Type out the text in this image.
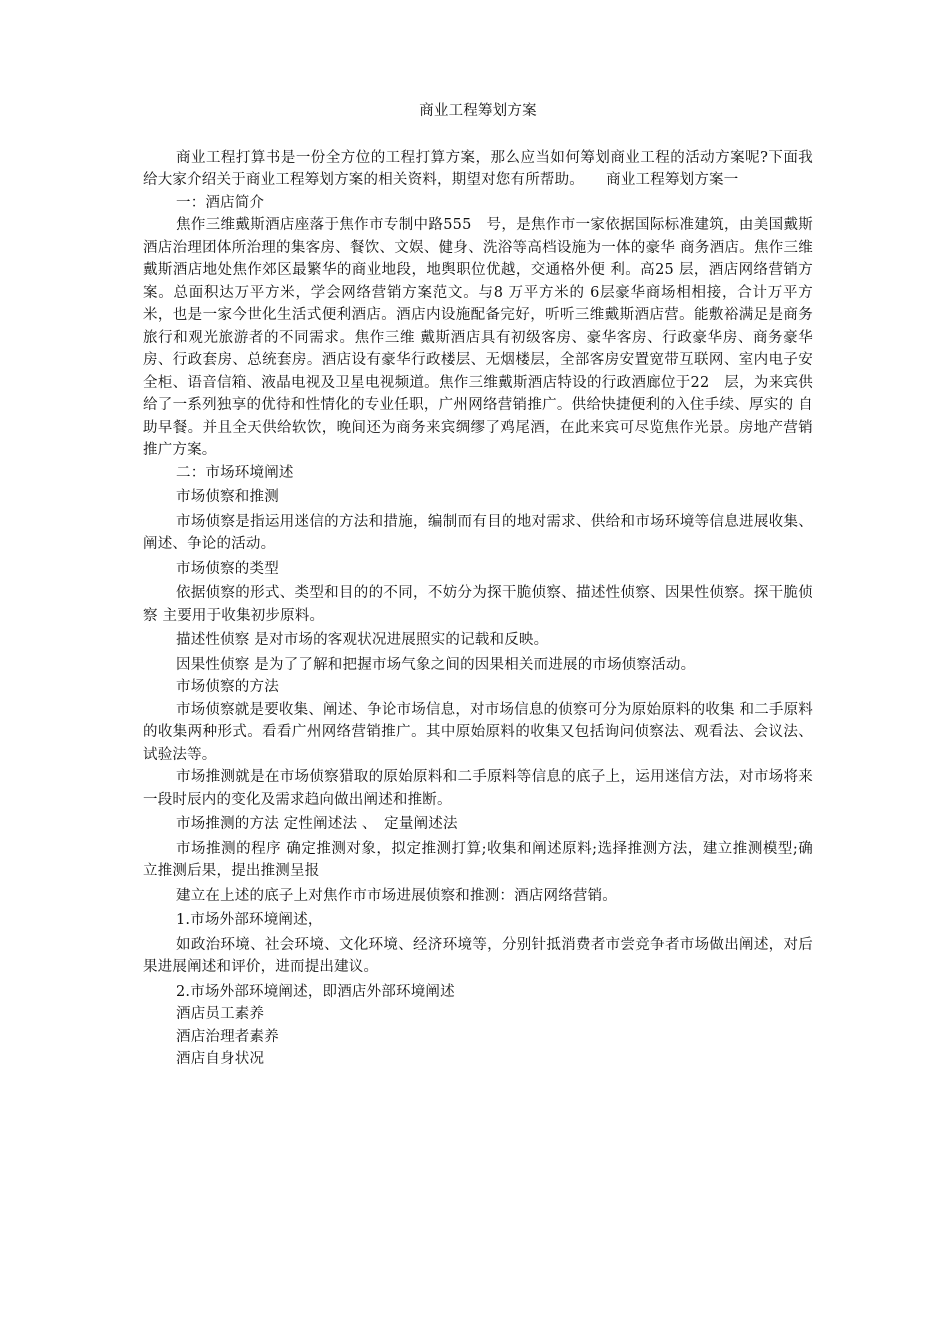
商业工程筹划方案

商业工程打算书是一份全方位的工程打算方案，那么应当如何筹划商业工程的活动方案呢?下面我给大家介绍关于商业工程筹划方案的相关资料，期望对您有所帮助。　　商业工程筹划方案一

一：酒店简介

焦作三维戴斯酒店座落于焦作市专制中路555　号，是焦作市一家依据国际标准建筑，由美国戴斯酒店治理团体所治理的集客房、餐饮、文娱、健身、洗浴等高档设施为一体的豪华 商务酒店。焦作三维戴斯酒店地处焦作郊区最繁华的商业地段，地舆职位优越，交通格外便 利。高25 层，酒店网络营销方案。总面积达万平方米，学会网络营销方案范文。与8 万平方米的 6层豪华商场相相接，合计万平方米，也是一家今世化生活式便利酒店。酒店内设施配备完好，听听三维戴斯酒店营。能敷裕满足是商务旅行和观光旅游者的不同需求。焦作三维 戴斯酒店具有初级客房、豪华客房、行政豪华房、商务豪华房、行政套房、总统套房。酒店设有豪华行政楼层、无烟楼层，全部客房安置宽带互联网、室内电子安全柜、语音信箱、液晶电视及卫星电视频道。焦作三维戴斯酒店特设的行政酒廊位于22　层，为来宾供给了一系列独享的优待和性情化的专业任职，广州网络营销推广。供给快捷便利的入住手续、厚实的 自助早餐。并且全天供给软饮，晚间还为商务来宾绸缪了鸡尾酒，在此来宾可尽览焦作光景。房地产营销推广方案。

二：市场环境阐述

市场侦察和推测

市场侦察是指运用迷信的方法和措施，编制而有目的地对需求、供给和市场环境等信息进展收集、阐述、争论的活动。

市场侦察的类型

依据侦察的形式、类型和目的的不同，不妨分为探干脆侦察、描述性侦察、因果性侦察。探干脆侦察 主要用于收集初步原料。

描述性侦察 是对市场的客观状况进展照实的记载和反映。

因果性侦察 是为了了解和把握市场气象之间的因果相关而进展的市场侦察活动。

市场侦察的方法

市场侦察就是要收集、阐述、争论市场信息，对市场信息的侦察可分为原始原料的收集 和二手原料的收集两种形式。看看广州网络营销推广。其中原始原料的收集又包括询问侦察法、观看法、会议法、试验法等。

市场推测就是在市场侦察猎取的原始原料和二手原料等信息的底子上，运用迷信方法，对市场将来一段时辰内的变化及需求趋向做出阐述和推断。

市场推测的方法 定性阐述法 、　定量阐述法

市场推测的程序 确定推测对象，拟定推测打算;收集和阐述原料;选择推测方法，建立推测模型;确立推测后果，提出推测呈报

建立在上述的底子上对焦作市市场进展侦察和推测：酒店网络营销。

1.市场外部环境阐述，

如政治环境、社会环境、文化环境、经济环境等，分别针抵消费者市尝竞争者市场做出阐述，对后果进展阐述和评价，进而提出建议。

2.市场外部环境阐述，即酒店外部环境阐述

酒店员工素养

酒店治理者素养

酒店自身状况
